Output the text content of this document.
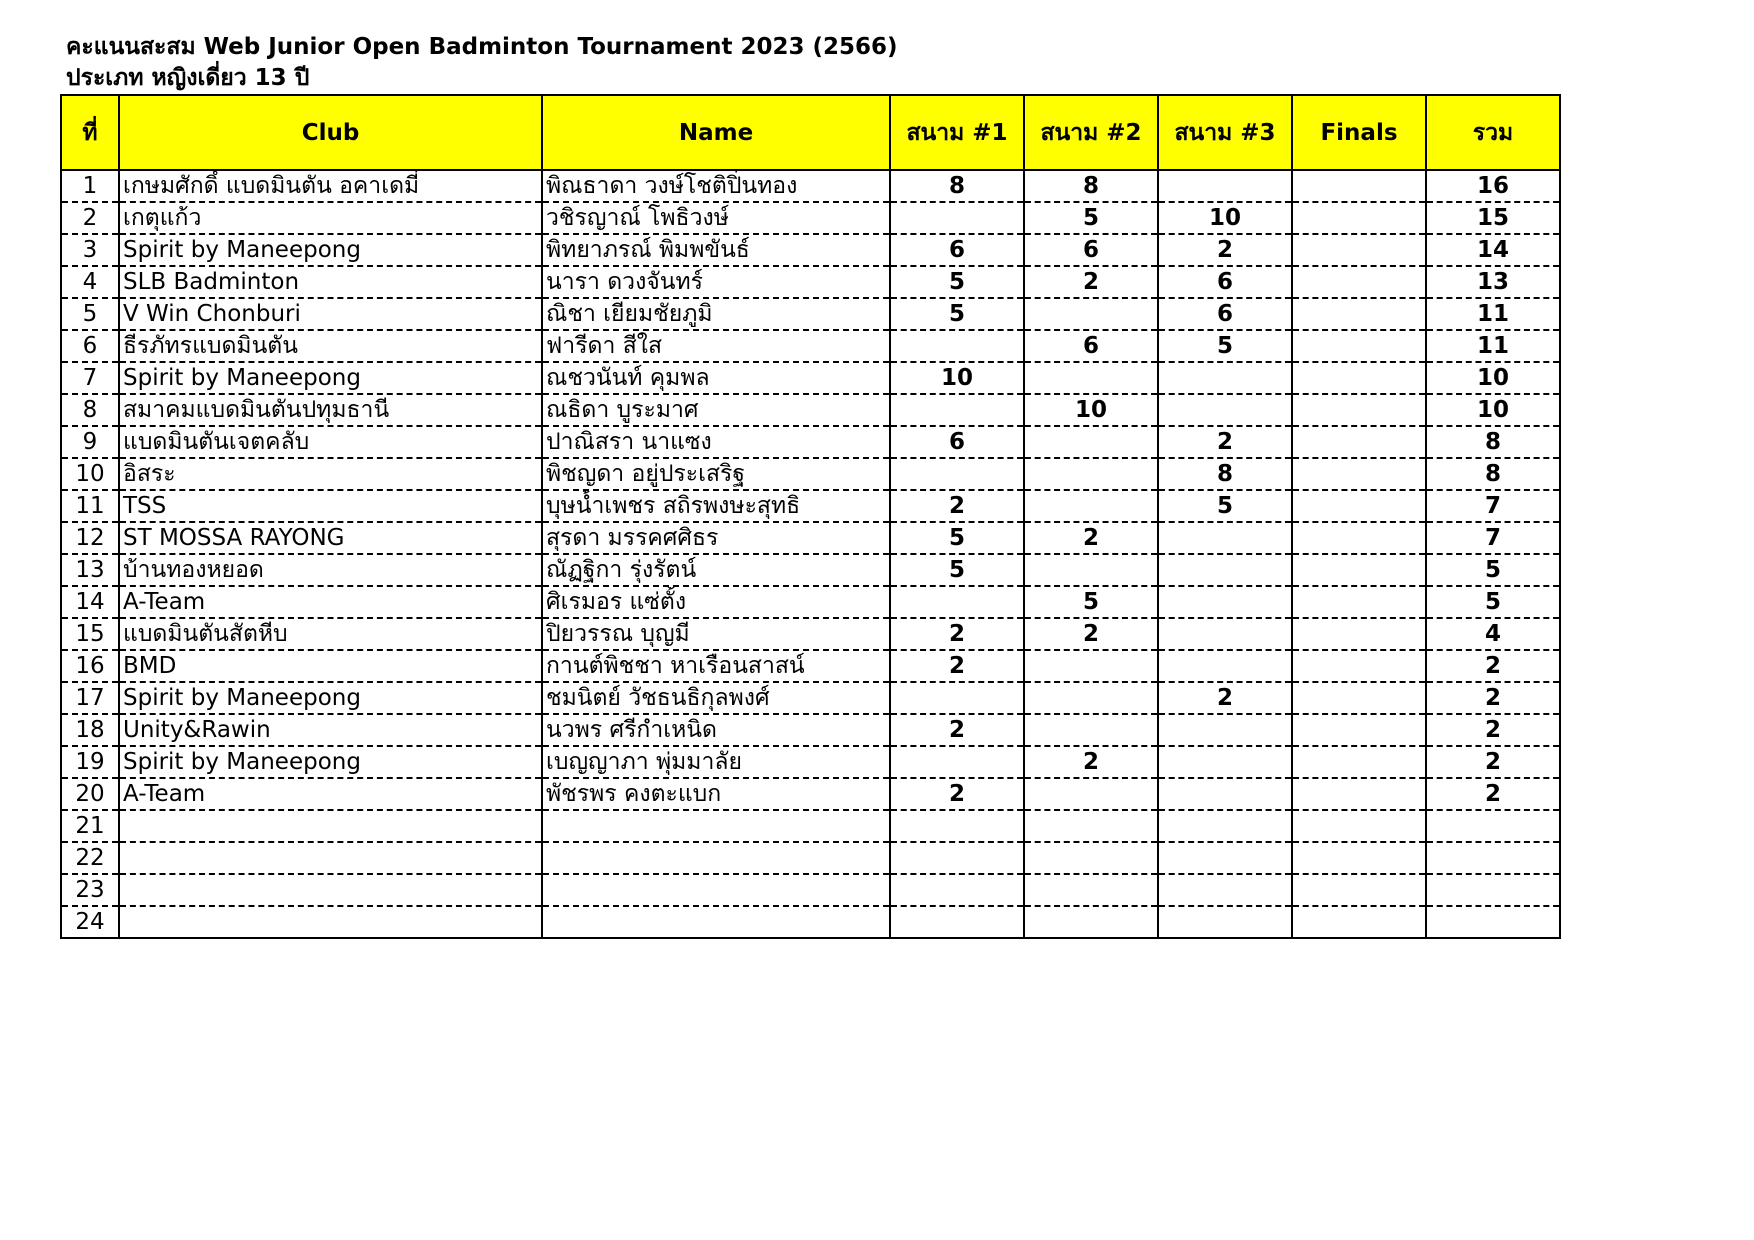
คะแนนสะสม Web Junior Open Badminton Tournament 2023 (2566)
ประเภท หญิงเดี่ยว 13 ปี
ที่	Club	Name	สนาม #1	สนาม #2	สนาม #3	Finals	รวม
1	เกษมศักดิ์ แบดมินตัน อคาเดมี่	พิณธาดา วงษ์โชติปิ่นทอง	8	8			16
2	เกตุแก้ว	วชิรญาณ์ โพธิวงษ์		5	10		15
3	Spirit by Maneepong	พิทยาภรณ์ พิมพขันธ์	6	6	2		14
4	SLB Badminton	นารา ดวงจันทร์	5	2	6		13
5	V Win Chonburi	ณิชา เยียมชัยภูมิ	5		6		11
6	ธีรภัทรแบดมินตัน	ฟารีดา สีใส		6	5		11
7	Spirit by Maneepong	ณชวนันท์ คุมพล	10				10
8	สมาคมแบดมินตันปทุมธานี	ณธิดา บูระมาศ		10			10
9	แบดมินตันเจตคลับ	ปาณิสรา นาแซง	6		2		8
10	อิสระ	พิชญดา อยู่ประเสริฐ			8		8
11	TSS	บุษน้ำเพชร สถิรพงษะสุทธิ	2		5		7
12	ST MOSSA RAYONG	สุรดา มรรคศศิธร	5	2			7
13	บ้านทองหยอด	ณัฏฐิกา รุ่งรัตน์	5				5
14	A-Team	ศิเรมอร แซ่ตั้ง		5			5
15	แบดมินตันสัตหีบ	ปิยวรรณ บุญมี	2	2			4
16	BMD	กานต์พิชชา หาเรือนสาสน์	2				2
17	Spirit by Maneepong	ชมนิตย์ วัชธนธิกุลพงศ์			2		2
18	Unity&Rawin	นวพร ศรีกำเหนิด	2				2
19	Spirit by Maneepong	เบญญาภา พุ่มมาลัย		2			2
20	A-Team	พัชรพร คงตะแบก	2				2
21							
22							
23							
24							
